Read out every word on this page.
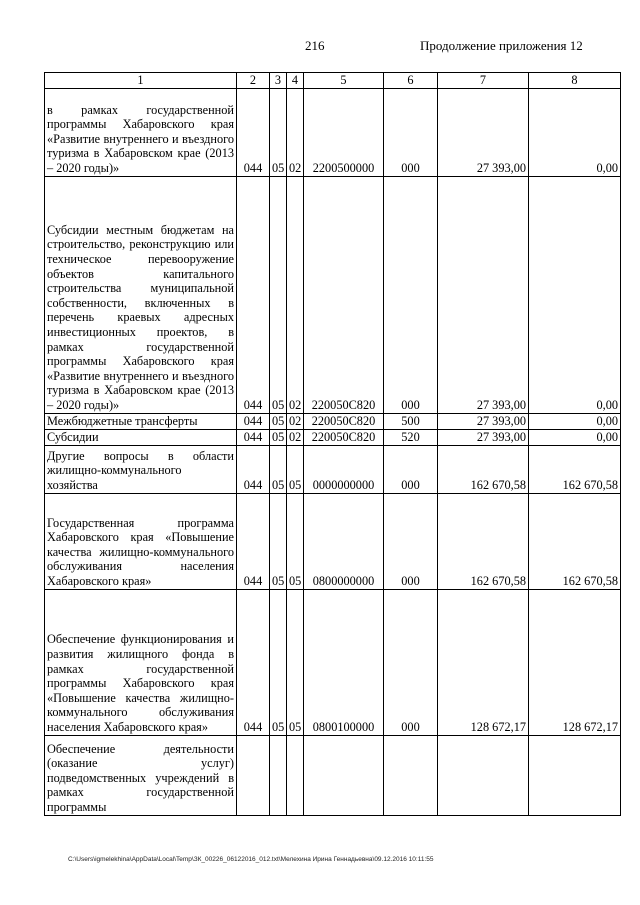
216	Продолжение приложения 12
1	2	3	4	5	6	7	8
в рамках государственной программы Хабаровского края «Развитие внутреннего и въездного туризма в Хабаровском крае (2013 – 2020 годы)»	044	05	02	2200500000	000	27 393,00	0,00
Субсидии местным бюджетам на строительство, реконструкцию или техническое перевооружение объектов капитального строительства муниципальной собственности, включенных в перечень краевых адресных инвестиционных проектов, в рамках государственной программы Хабаровского края «Развитие внутреннего и въездного туризма в Хабаровском крае (2013 – 2020 годы)»	044	05	02	220050С820	000	27 393,00	0,00
Межбюджетные трансферты	044	05	02	220050С820	500	27 393,00	0,00
Субсидии	044	05	02	220050С820	520	27 393,00	0,00
Другие вопросы в области жилищно-коммунального хозяйства	044	05	05	0000000000	000	162 670,58	162 670,58
Государственная программа Хабаровского края «Повышение качества жилищно-коммунального обслуживания населения Хабаровского края»	044	05	05	0800000000	000	162 670,58	162 670,58
Обеспечение функционирования и развития жилищного фонда в рамках государственной программы Хабаровского края «Повышение качества жилищно-коммунального обслуживания населения Хабаровского края»	044	05	05	0800100000	000	128 672,17	128 672,17
Обеспечение деятельности (оказание услуг) подведомственных учреждений в рамках государственной программы							
C:\Users\igmelekhina\AppData\Local\Temp\ЗК_00226_06122016_012.txt\Мелехина Ирина Геннадьевна\09.12.2016 10:11:55
